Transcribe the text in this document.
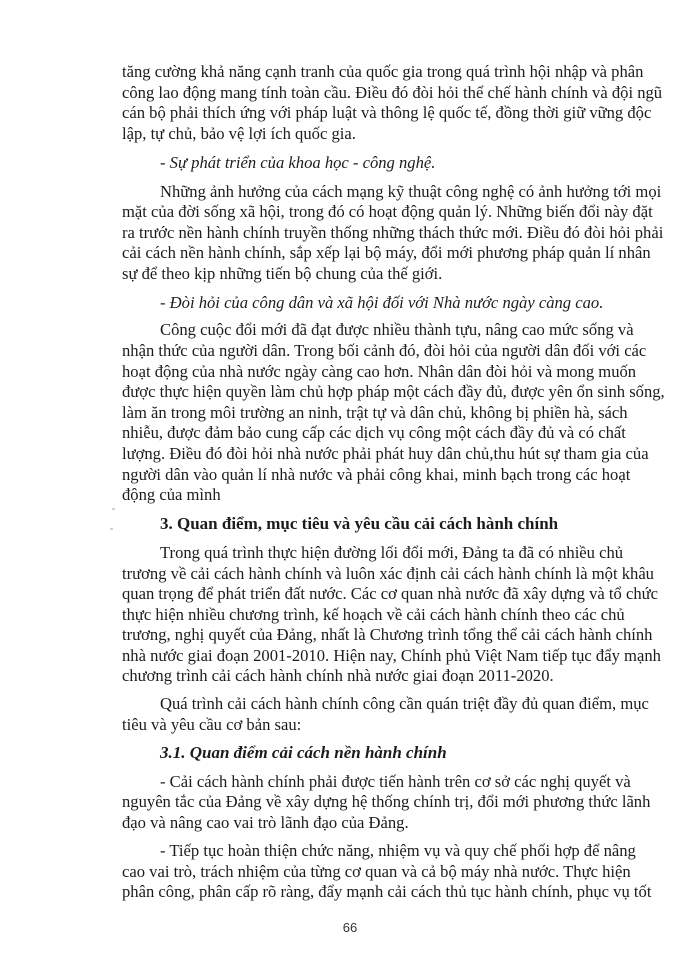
tăng cường khả năng cạnh tranh của quốc gia trong quá trình hội nhập và phân
công lao động mang tính toàn cầu. Điều đó đòi hỏi thể chế hành chính và đội ngũ
cán bộ phải thích ứng với pháp luật và thông lệ quốc tế, đồng thời giữ vững độc
lập, tự chủ, bảo vệ lợi ích quốc gia.
- Sự phát triển của khoa học - công nghệ.
Những ảnh hưởng của cách mạng kỹ thuật công nghệ có ảnh hưởng tới mọi
mặt của đời sống xã hội, trong đó có hoạt động quản lý. Những biến đổi này đặt
ra trước nền hành chính truyền thống những thách thức mới. Điều đó đòi hỏi phải
cải cách nền hành chính, sắp xếp lại bộ máy, đổi mới phương pháp quản lí nhân
sự để theo kịp những tiến bộ chung của thế giới.
- Đòi hỏi của công dân và xã hội đối với Nhà nước ngày càng cao.
Công cuộc đổi mới đã đạt được nhiều thành tựu, nâng cao mức sống và
nhận thức của người dân. Trong bối cảnh đó, đòi hỏi của người dân đối với các
hoạt động của nhà nước ngày càng cao hơn. Nhân dân đòi hỏi và mong muốn
được thực hiện quyền làm chủ hợp pháp một cách đầy đủ, được yên ổn sinh sống,
làm ăn trong môi trường an ninh, trật tự và dân chủ, không bị phiền hà, sách
nhiễu, được đảm bảo cung cấp các dịch vụ công một cách đầy đủ và có chất
lượng. Điều đó đòi hỏi nhà nước phải phát huy dân chủ,thu hút sự tham gia của
người dân vào quản lí nhà nước và phải công khai, minh bạch trong các hoạt
động của mình
3. Quan điểm, mục tiêu và yêu cầu cải cách hành chính
Trong quá trình thực hiện đường lối đổi mới, Đảng ta đã có nhiều chủ
trương về cải cách hành chính và luôn xác định cải cách hành chính là một khâu
quan trọng để phát triển đất nước. Các cơ quan nhà nước đã xây dựng và tổ chức
thực hiện nhiều chương trình, kế hoạch về cải cách hành chính theo các chủ
trương, nghị quyết của Đảng, nhất là Chương trình tổng thể cải cách hành chính
nhà nước giai đoạn 2001-2010. Hiện nay, Chính phủ Việt Nam tiếp tục đẩy mạnh
chương trình cải cách hành chính nhà nước giai đoạn 2011-2020.
Quá trình cải cách hành chính công cần quán triệt đầy đủ quan điểm, mục
tiêu và yêu cầu cơ bản sau:
3.1. Quan điểm cải cách nền hành chính
- Cải cách hành chính phải được tiến hành trên cơ sở các nghị quyết và
nguyên tắc của Đảng về xây dựng hệ thống chính trị, đổi mới phương thức lãnh
đạo và nâng cao vai trò lãnh đạo của Đảng.
- Tiếp tục hoàn thiện chức năng, nhiệm vụ và quy chế phối hợp để nâng
cao vai trò, trách nhiệm của từng cơ quan và cả bộ máy nhà nước. Thực hiện
phân công, phân cấp rõ ràng, đẩy mạnh cải cách thủ tục hành chính, phục vụ tốt
66
